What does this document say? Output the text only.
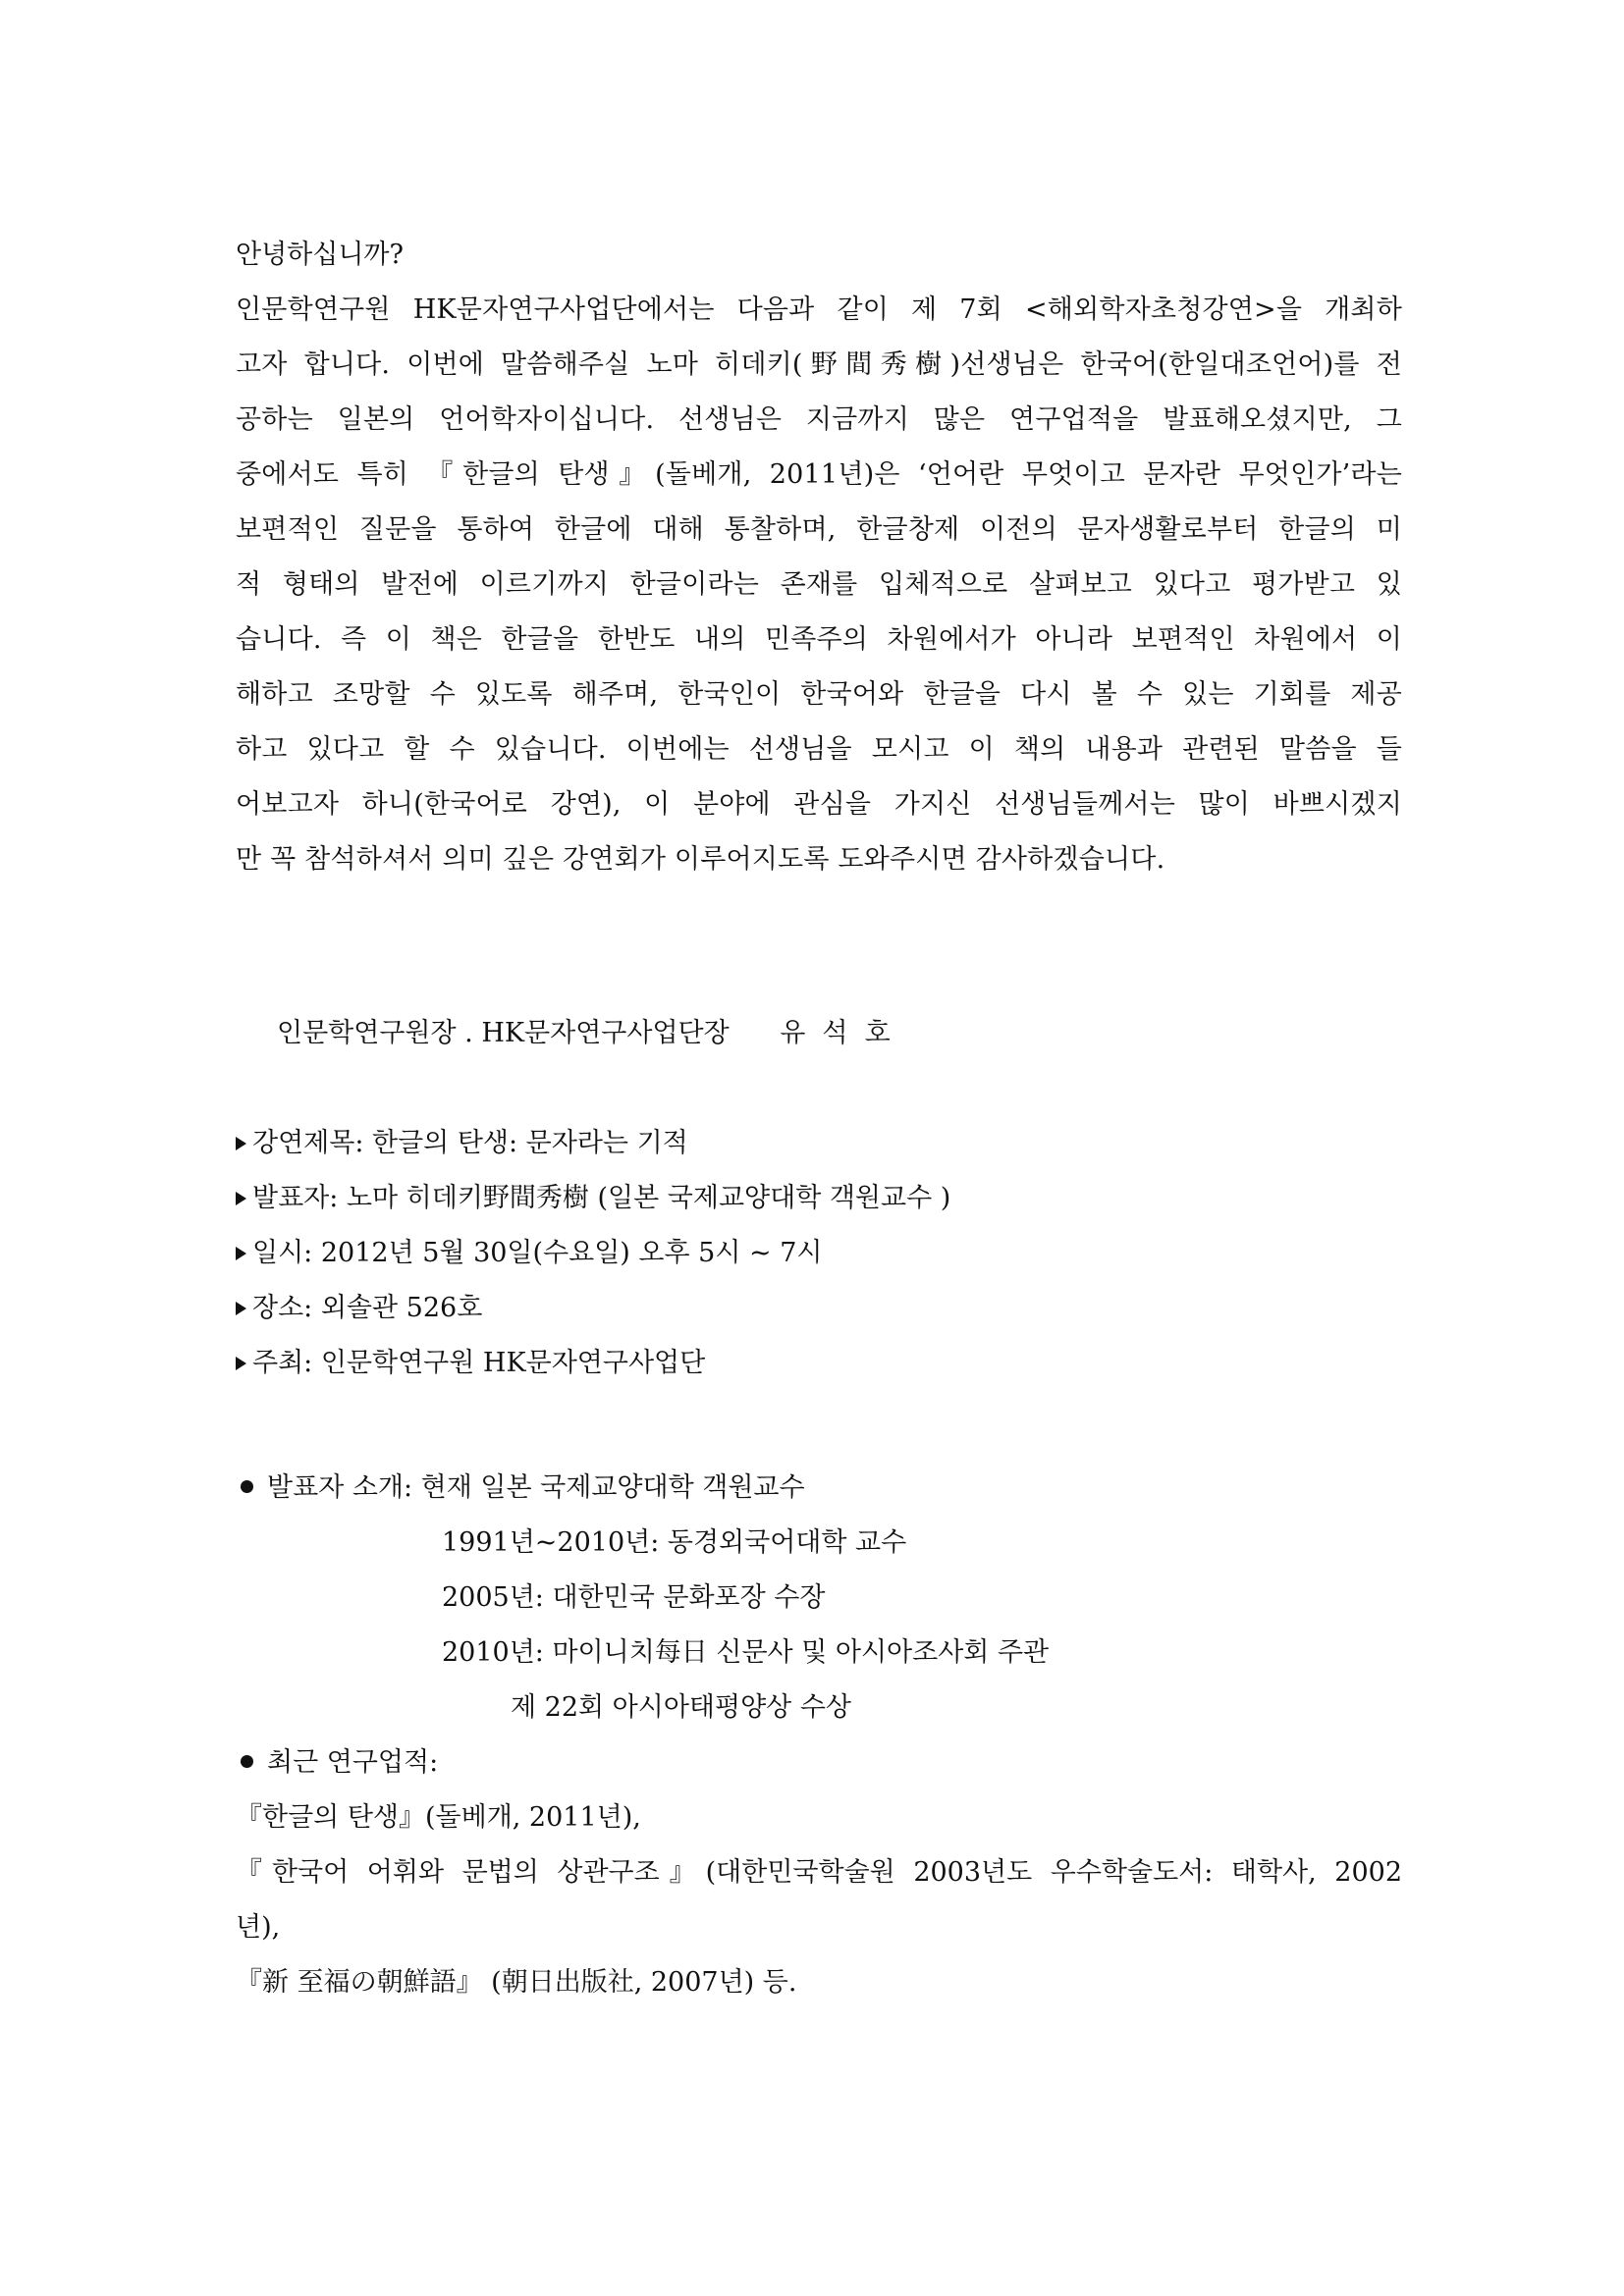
안녕하십니까?
인문학연구원 HK문자연구사업단에서는 다음과 같이 제 7회 <해외학자초청강연>을 개최하
고자 합니다. 이번에 말씀해주실 노마 히데키(野間秀樹)선생님은 한국어(한일대조언어)를 전
공하는 일본의 언어학자이십니다. 선생님은 지금까지 많은 연구업적을 발표해오셨지만, 그
중에서도 특히 『한글의 탄생』(돌베개, 2011년)은 ‘언어란 무엇이고 문자란 무엇인가’라는
보편적인 질문을 통하여 한글에 대해 통찰하며, 한글창제 이전의 문자생활로부터 한글의 미
적 형태의 발전에 이르기까지 한글이라는 존재를 입체적으로 살펴보고 있다고 평가받고 있
습니다. 즉 이 책은 한글을 한반도 내의 민족주의 차원에서가 아니라 보편적인 차원에서 이
해하고 조망할 수 있도록 해주며, 한국인이 한국어와 한글을 다시 볼 수 있는 기회를 제공
하고 있다고 할 수 있습니다. 이번에는 선생님을 모시고 이 책의 내용과 관련된 말씀을 들
어보고자 하니(한국어로 강연), 이 분야에 관심을 가지신 선생님들께서는 많이 바쁘시겠지
만 꼭 참석하셔서 의미 깊은 강연회가 이루어지도록 도와주시면 감사하겠습니다.
인문학연구원장 . HK문자연구사업단장      유  석  호
강연제목: 한글의 탄생: 문자라는 기적
발표자: 노마 히데키野間秀樹 (일본 국제교양대학 객원교수 )
일시: 2012년 5월 30일(수요일) 오후 5시 ~ 7시
장소: 외솔관 526호
주최: 인문학연구원 HK문자연구사업단
발표자 소개: 현재 일본 국제교양대학 객원교수
1991년~2010년: 동경외국어대학 교수
2005년: 대한민국 문화포장 수장
2010년: 마이니치每日 신문사 및 아시아조사회 주관
제 22회 아시아태평양상 수상
최근 연구업적:
『한글의 탄생』(돌베개, 2011년),
『한국어 어휘와 문법의 상관구조』(대한민국학술원 2003년도 우수학술도서: 태학사, 2002
년),
『新 至福の朝鮮語』 (朝日出版社, 2007년) 등.
